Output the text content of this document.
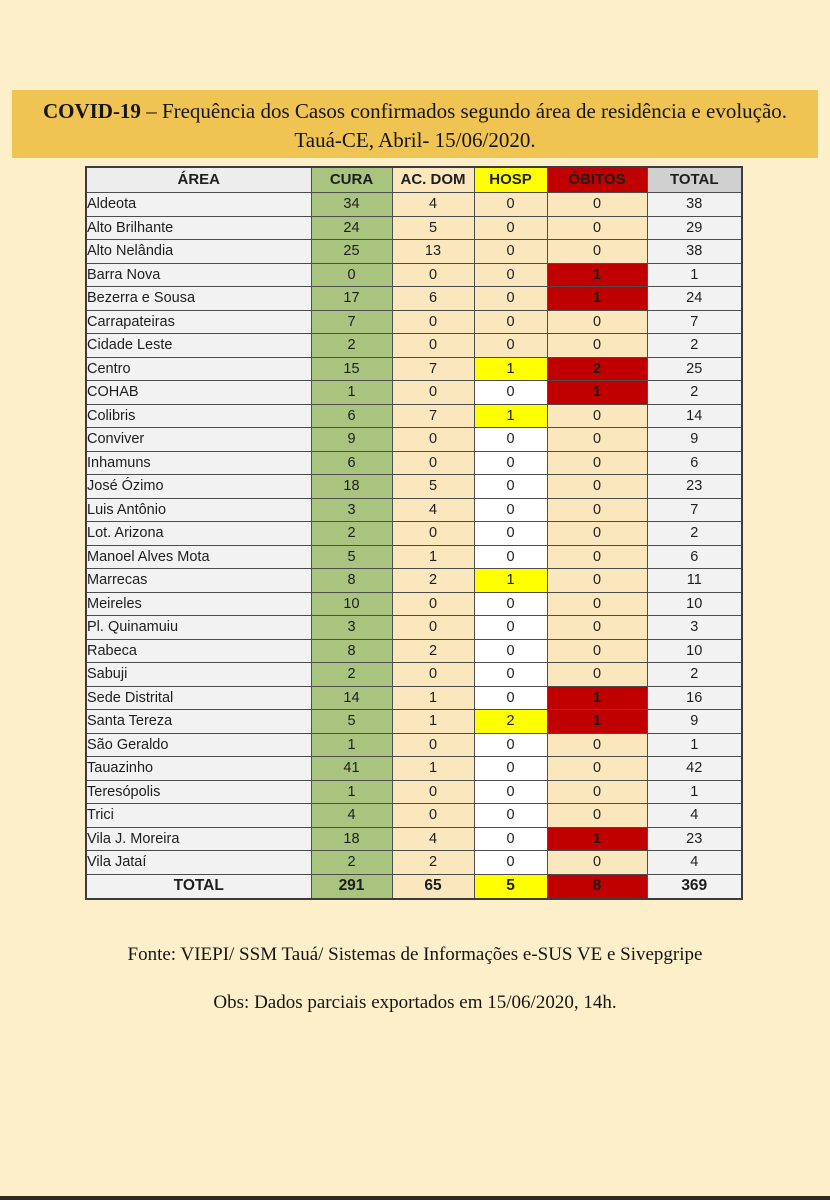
COVID-19 – Frequência dos Casos confirmados segundo área de residência e evolução.
Tauá-CE, Abril- 15/06/2020.
ÁREA	CURA	AC. DOM	HOSP	ÓBITOS	TOTAL
Aldeota	34	4	0	0	38
Alto Brilhante	24	5	0	0	29
Alto Nelândia	25	13	0	0	38
Barra Nova	0	0	0	1	1
Bezerra e Sousa	17	6	0	1	24
Carrapateiras	7	0	0	0	7
Cidade Leste	2	0	0	0	2
Centro	15	7	1	2	25
COHAB	1	0	0	1	2
Colibris	6	7	1	0	14
Conviver	9	0	0	0	9
Inhamuns	6	0	0	0	6
José Ózimo	18	5	0	0	23
Luis Antônio	3	4	0	0	7
Lot. Arizona	2	0	0	0	2
Manoel Alves Mota	5	1	0	0	6
Marrecas	8	2	1	0	11
Meireles	10	0	0	0	10
Pl. Quinamuiu	3	0	0	0	3
Rabeca	8	2	0	0	10
Sabuji	2	0	0	0	2
Sede Distrital	14	1	0	1	16
Santa Tereza	5	1	2	1	9
São Geraldo	1	0	0	0	1
Tauazinho	41	1	0	0	42
Teresópolis	1	0	0	0	1
Trici	4	0	0	0	4
Vila J. Moreira	18	4	0	1	23
Vila Jataí	2	2	0	0	4
TOTAL	291	65	5	8	369
Fonte: VIEPI/ SSM Tauá/ Sistemas de Informações e-SUS VE e Sivepgripe
Obs: Dados parciais exportados em 15/06/2020, 14h.
